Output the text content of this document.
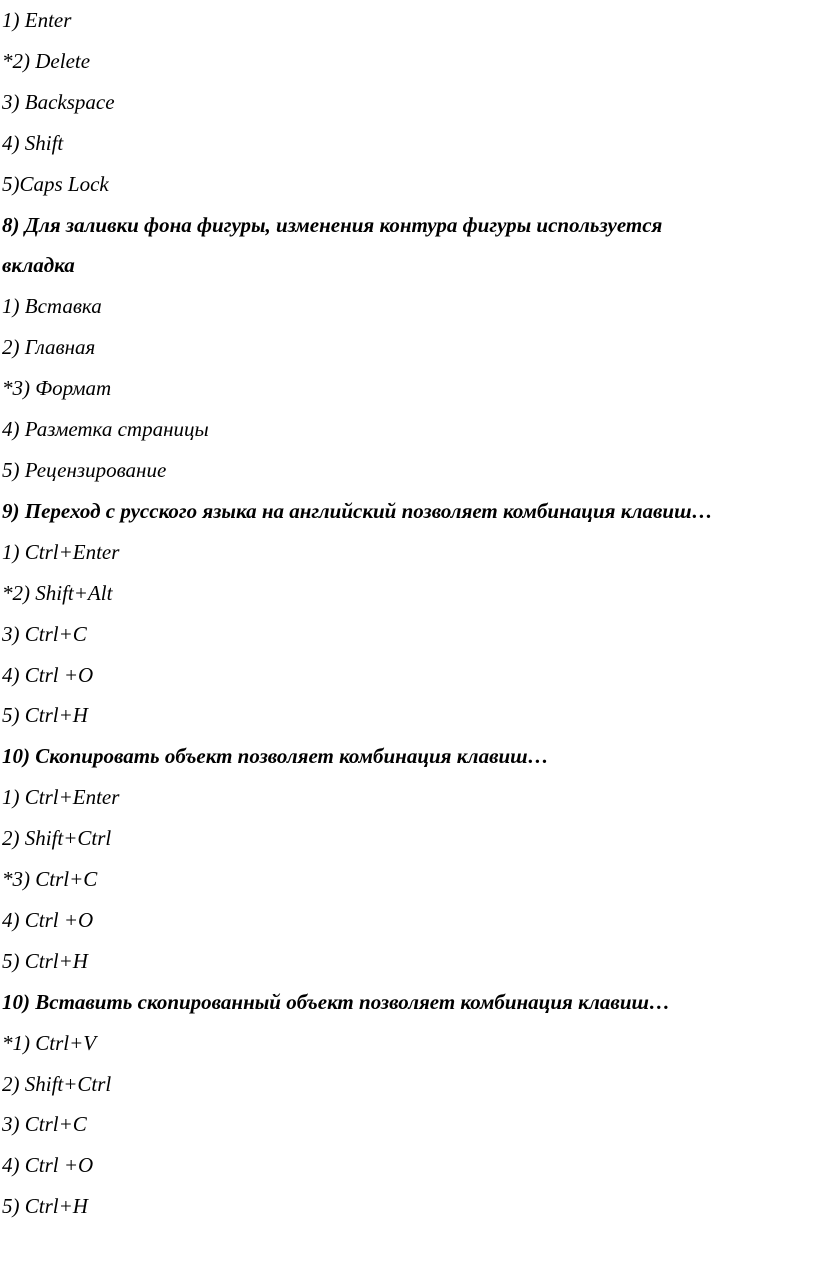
1) Enter

*2) Delete

3) Backspace

4) Shift

5)Caps Lock

8) Для заливки фона фигуры, изменения контура фигуры используется

вкладка

1) Вставка

2) Главная

*3) Формат

4) Разметка страницы

5) Рецензирование

9) Переход с русского языка на английский позволяет комбинация клавиш…

1) Ctrl+Enter

*2) Shift+Alt

3) Ctrl+C

4) Ctrl +O

5) Ctrl+H

10) Скопировать объект позволяет комбинация клавиш…

1) Ctrl+Enter

2) Shift+Ctrl

*3) Ctrl+C

4) Ctrl +O

5) Ctrl+H

10) Вставить скопированный объект позволяет комбинация клавиш…

*1) Ctrl+V

2) Shift+Ctrl

3) Ctrl+C

4) Ctrl +O

5) Ctrl+H
